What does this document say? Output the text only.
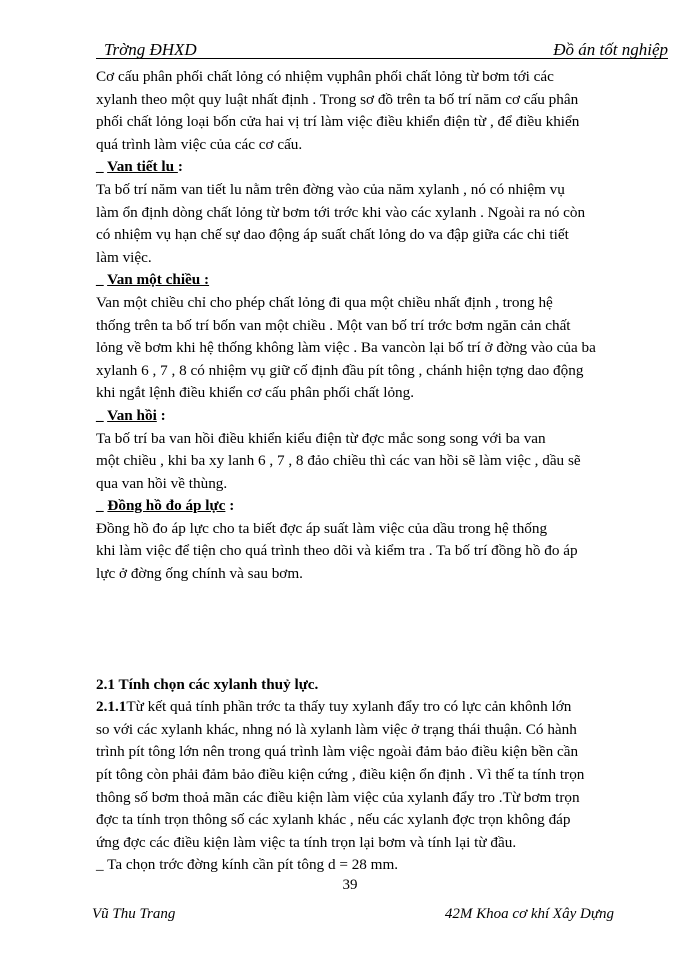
Trờng ĐHXD	Đồ án tốt nghiệp

Cơ cấu phân phối chất lỏng có nhiệm vụphân phối chất lỏng từ bơm tới các
xylanh theo một quy luật nhất định . Trong sơ đồ trên ta bố trí năm cơ cấu phân
phối chất lỏng loại bốn cửa hai vị trí làm việc điều khiển điện từ , để điều khiển
quá trình làm việc của các cơ cấu.

_ Van tiết lu :

Ta bố trí năm van tiết lu nằm trên đờng vào của năm xylanh , nó có nhiệm vụ
làm ổn định dòng chất lỏng từ bơm tới trớc khi vào các xylanh . Ngoài ra nó còn
có nhiệm vụ hạn chế sự dao động áp suất chất lỏng do va đập giữa các chi tiết
làm việc.

_ Van một chiều :

Van một chiều chỉ cho phép chất lỏng đi qua một chiều nhất định , trong hệ
thống trên ta bố trí bốn van một chiều . Một van bố trí trớc bơm ngăn cản chất
lỏng về bơm khi hệ thống không làm việc . Ba vancòn lại bố trí ở đờng vào của ba
xylanh 6 , 7 , 8 có nhiệm vụ giữ cố định đầu pít tông , chánh hiện tợng dao động
khi ngắt lệnh điều khiển cơ cấu phân phối chất lỏng.

_ Van hồi :

Ta bố trí ba van hồi điều khiển kiểu điện từ đợc mắc song song với ba van
một chiều , khi ba xy lanh 6 , 7 , 8 đảo chiều thì các van hồi sẽ làm việc , dầu sẽ
qua van hồi về thùng.

_ Đồng hồ đo áp lực :

Đồng hồ đo áp lực cho ta biết đợc áp suất làm việc của dầu trong hệ thống
khi làm việc để tiện cho quá trình theo dõi và kiểm tra . Ta bố trí đồng hồ đo áp
lực ở đờng ống chính và sau bơm.

2.1 Tính chọn các xylanh thuỷ lực.

2.1.1Từ kết quả tính phần trớc ta thấy tuy xylanh đẩy tro có lực cản khônh lớn
so với các xylanh khác, nhng nó là xylanh làm việc ở trạng thái thuận. Có hành
trình pít tông lớn nên trong quá trình làm việc ngoài đảm bảo điều kiện bền cần
pít tông còn phải đảm bảo điều kiện cứng , điều kiện ổn định . Vì thế ta tính trọn
thông số bơm thoả mãn các điều kiện làm việc của xylanh đẩy tro .Từ bơm trọn
đợc ta tính trọn thông số các xylanh khác , nếu các xylanh đợc trọn không đáp
ứng đợc các điều kiện làm việc ta tính trọn lại bơm và tính lại từ đầu.
_ Ta chọn trớc đờng kính cần pít tông d = 28 mm.

39
Vũ Thu Trang	42M Khoa cơ khí Xây Dựng
